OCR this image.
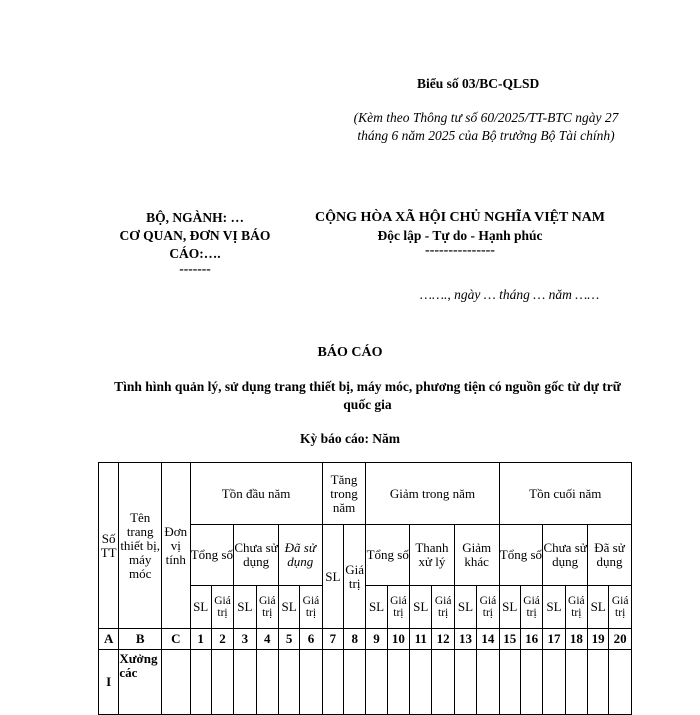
Biểu số 03/BC-QLSD
(Kèm theo Thông tư số 60/2025/TT-BTC ngày 27 tháng 6 năm 2025 của Bộ trưởng Bộ Tài chính)
BỘ, NGÀNH: …
CƠ QUAN, ĐƠN VỊ BÁO CÁO:….
-------
CỘNG HÒA XÃ HỘI CHỦ NGHĨA VIỆT NAM
Độc lập - Tự do - Hạnh phúc
---------------
……., ngày … tháng … năm ……
BÁO CÁO
Tình hình quản lý, sử dụng trang thiết bị, máy móc, phương tiện có nguồn gốc từ dự trữ quốc gia
Kỳ báo cáo: Năm
Số TT	Tên trang thiết bị, máy móc	Đơn vị tính	Tồn đầu năm						Tăng trong năm		Giảm trong năm						Tồn cuối năm					
			Tổng số		Chưa sử dụng		Đã sử dụng		SL	Giá trị	Tổng số		Thanh xử lý		Giảm khác		Tổng số		Chưa sử dụng		Đã sử dụng	
			SL	Giá trị	SL	Giá trị	SL	Giá trị			SL	Giá trị	SL	Giá trị	SL	Giá trị	SL	Giá trị	SL	Giá trị	SL	Giá trị
A	B	C	1	2	3	4	5	6	7	8	9	10	11	12	13	14	15	16	17	18	19	20
I	Xưởng các																					
